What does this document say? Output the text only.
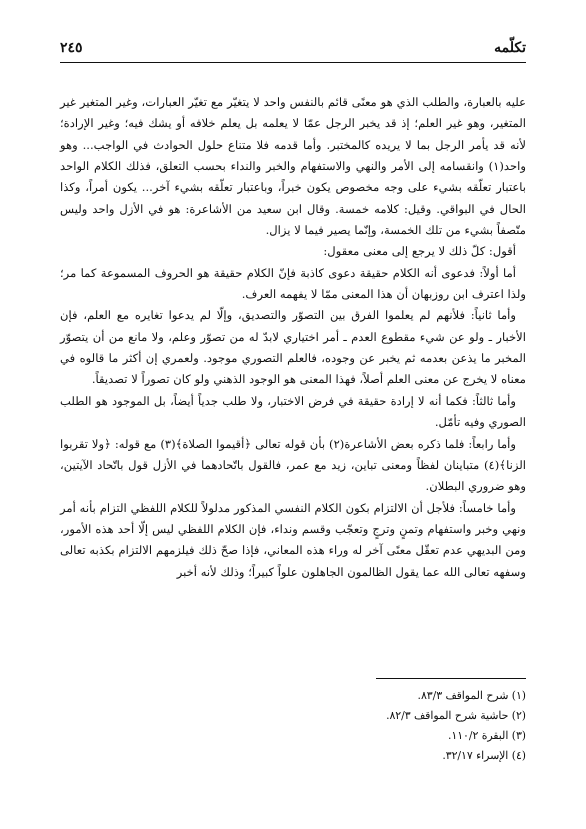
تكلّمه
٢٤٥

عليه بالعبارة، والطلب الذي هو معنًى قائم بالنفس واحد لا يتغيّر مع تغيّر العبارات، وغير المتغير غير المتغير، وهو غير العلم؛ إذ قد يخبر الرجل عمّا لا يعلمه بل يعلم خلافه أو يشك فيه؛ وغير الإرادة؛ لأنه قد يأمر الرجل بما لا يريده كالمختبر. وأما قدمه فلا متناع حلول الحوادث في الواجب... وهو واحد(١) وانقسامه إلى الأمر والنهي والاستفهام والخبر والنداء بحسب التعلق، فذلك الكلام الواحد باعتبار تعلّقه بشيء على وجه مخصوص يكون خبراً، وباعتبار تعلّقه بشيء آخر... يكون أمراً، وكذا الحال في البواقي. وقيل: كلامه خمسة. وقال ابن سعيد من الأشاعرة: هو في الأزل واحد وليس متّصفاً بشيء من تلك الخمسة، وإنّما يصير فيما لا يزال.

أقول: كلّ ذلك لا يرجع إلى معنى معقول:

أما أولاً: فدعوى أنه الكلام حقيقة دعوى كاذبة فإنّ الكلام حقيقة هو الحروف المسموعة كما مر؛ ولذا اعترف ابن روزبهان أن هذا المعنى ممّا لا يفهمه العرف.

وأما ثانياً: فلأنهم لم يعلموا الفرق بين التصوّر والتصديق، وإلّا لم يدعوا تغايره مع العلم، فإن الأخبار ـ ولو عن شيء مقطوع العدم ـ أمر اختياري لابدّ له من تصوّر وعلم، ولا مانع من أن يتصوّر المخبر ما يذعن بعدمه ثم يخبر عن وجوده، فالعلم التصوري موجود. ولعمري إن أكثر ما قالوه في معناه لا يخرج عن معنى العلم أصلاً، فهذا المعنى هو الوجود الذهني ولو كان تصوراً لا تصديقاً.

وأما ثالثاً: فكما أنه لا إرادة حقيقة في فرض الاختبار، ولا طلب جدياً أيضاً، بل الموجود هو الطلب الصوري وفيه تأمّل.

وأما رابعاً: فلما ذكره بعض الأشاعرة(٢) بأن قوله تعالى ﴿أقيموا الصلاة﴾(٣) مع قوله: ﴿ولا تقربوا الزنا﴾(٤) متباينان لفظاً ومعنى تباين، زيد مع عمر، فالقول باتّحادهما في الأزل قول باتّحاد الآيتين، وهو ضروري البطلان.

وأما خامساً: فلأجل أن الالتزام بكون الكلام النفسي المذكور مدلولاً للكلام اللفظي التزام بأنه أمر ونهي وخبر واستفهام وتمنٍ وترجٍ وتعجّب وقسم ونداء، فإن الكلام اللفظي ليس إلّا أحد هذه الأمور، ومن البديهي عدم تعقّل معنًى آخر له وراء هذه المعاني، فإذا صحّ ذلك فيلزمهم الالتزام بكذبه تعالى وسفهه تعالى الله عما يقول الظالمون الجاهلون علواً كبيراً؛ وذلك لأنه أخبر

(١) شرح المواقف ٨٣/٣.
(٢) حاشية شرح المواقف ٨٢/٣.
(٣) البقرة ١١٠/٢.
(٤) الإسراء ٣٢/١٧.
